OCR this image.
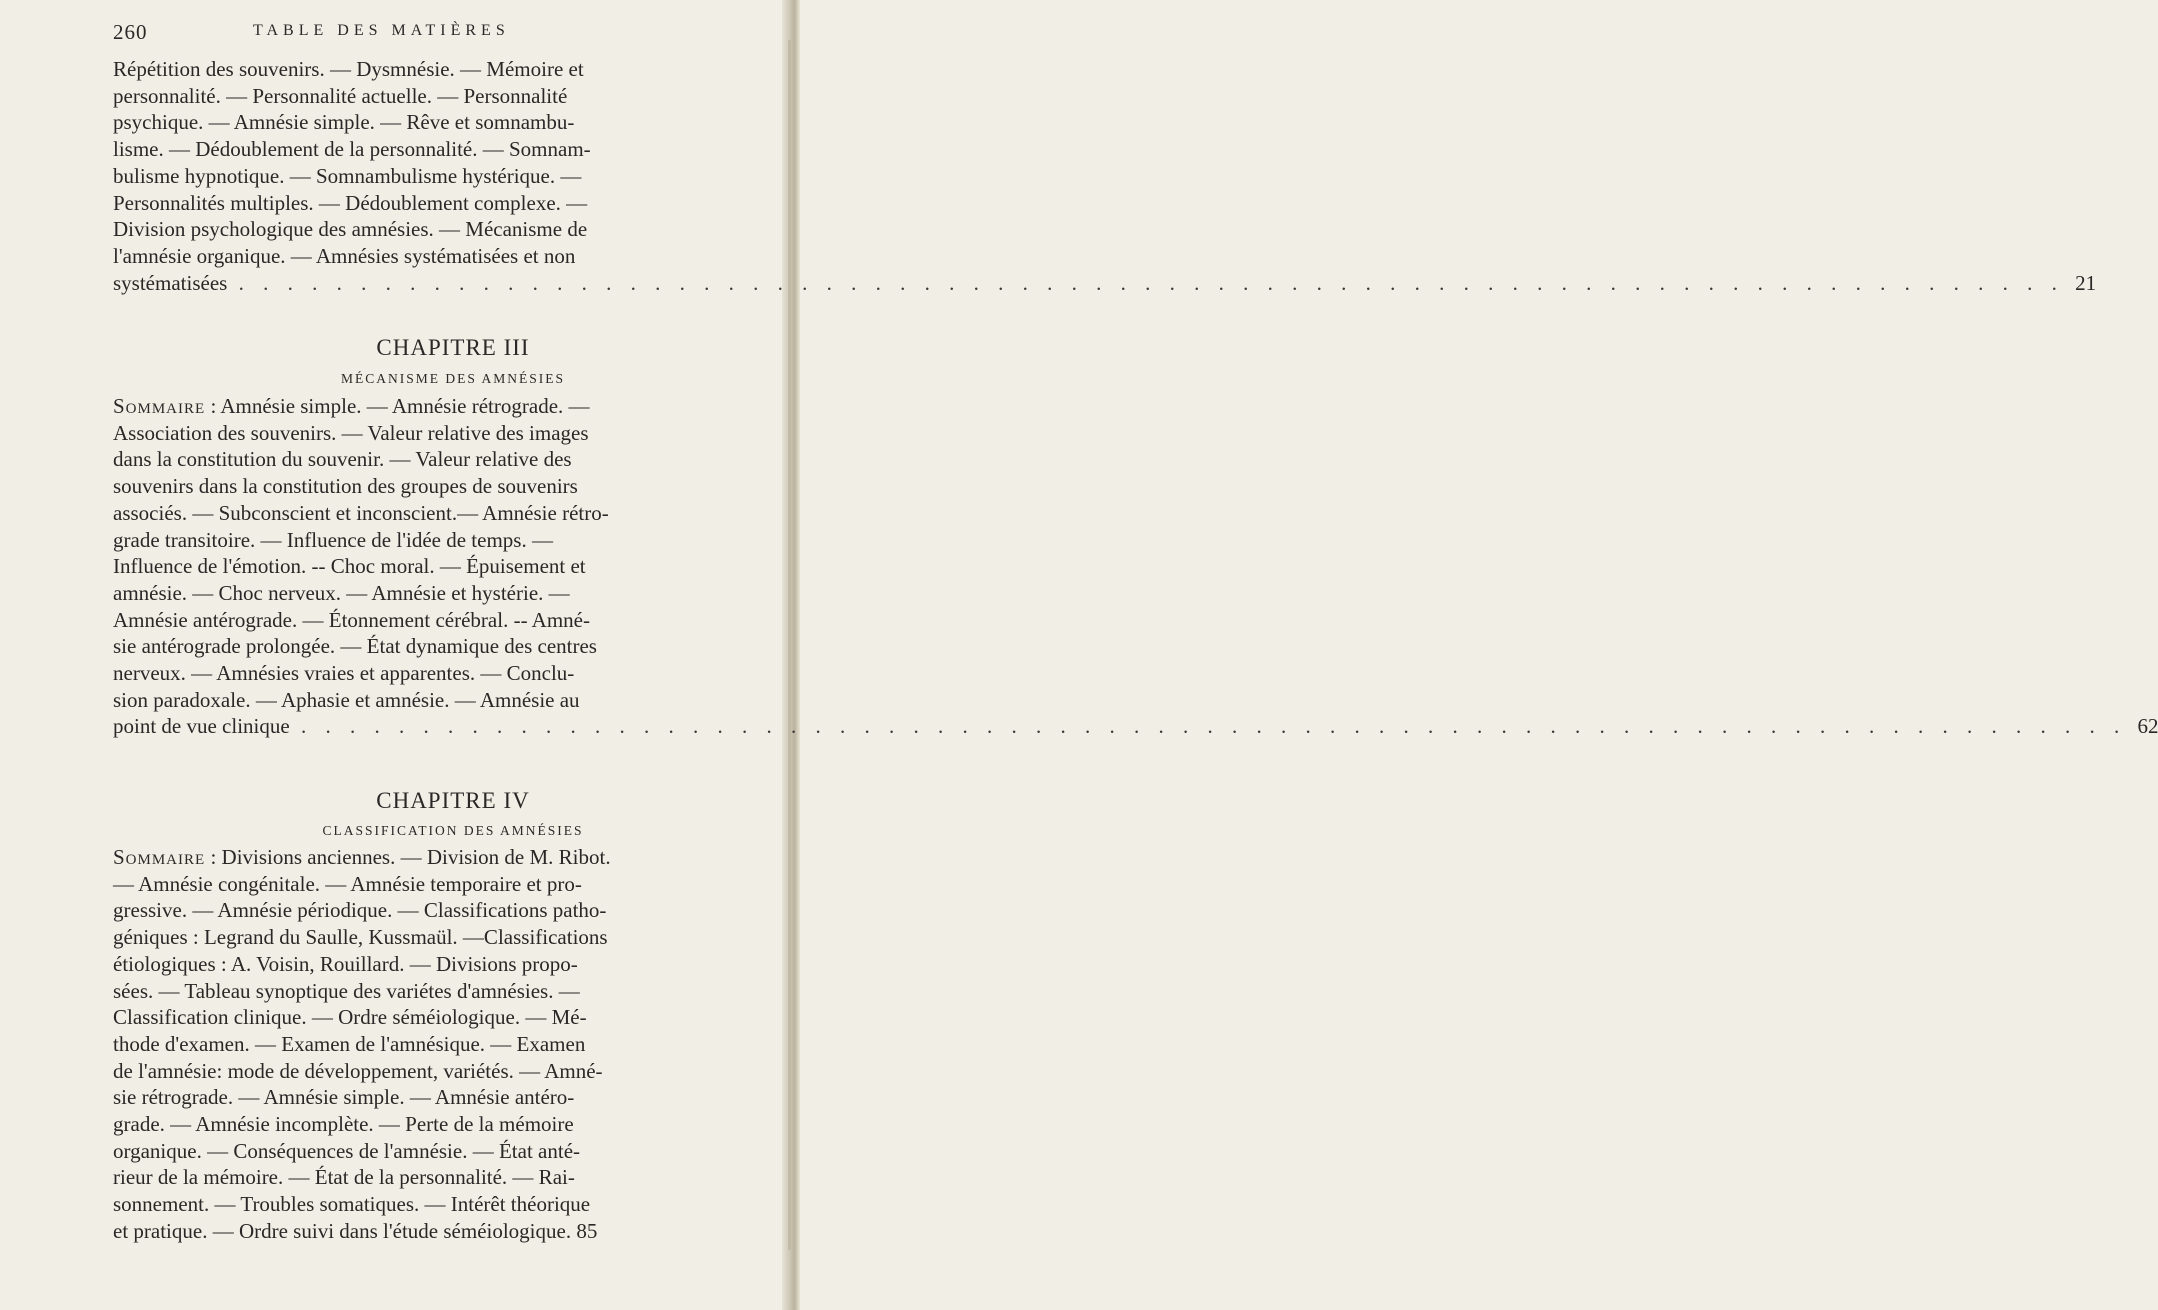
260	TABLE DES MATIÈRES
Répétition des souvenirs. — Dysmnésie. — Mémoire et
personnalité. — Personnalité actuelle. — Personnalité
psychique. — Amnésie simple. — Rêve et somnambu-
lisme. — Dédoublement de la personnalité. — Somnam-
bulisme hypnotique. — Somnambulisme hystérique. —
Personnalités multiples. — Dédoublement complexe. —
Division psychologique des amnésies. — Mécanisme de
l'amnésie organique. — Amnésies systématisées et non
systématisées . . .	21
CHAPITRE III
MÉCANISME DES AMNÉSIES
Sommaire : Amnésie simple. — Amnésie rétrograde. —
Association des souvenirs. — Valeur relative des images
dans la constitution du souvenir. — Valeur relative des
souvenirs dans la constitution des groupes de souvenirs
associés. — Subconscient et inconscient.— Amnésie rétro-
grade transitoire. — Influence de l'idée de temps. —
Influence de l'émotion. -- Choc moral. — Épuisement et
amnésie. — Choc nerveux. — Amnésie et hystérie. —
Amnésie antérograde. — Étonnement cérébral. -- Amné-
sie antérograde prolongée. — État dynamique des centres
nerveux. — Amnésies vraies et apparentes. — Conclu-
sion paradoxale. — Aphasie et amnésie. — Amnésie au
point de vue clinique . . .	62
CHAPITRE IV
CLASSIFICATION DES AMNÉSIES
Sommaire : Divisions anciennes. — Division de M. Ribot.
— Amnésie congénitale. — Amnésie temporaire et pro-
gressive. — Amnésie périodique. — Classifications patho-
géniques : Legrand du Saulle, Kussmaül. —Classifications
étiologiques : A. Voisin, Rouillard. — Divisions propo-
sées. — Tableau synoptique des variétes d'amnésies. —
Classification clinique. — Ordre séméiologique. — Mé-
thode d'examen. — Examen de l'amnésique. — Examen
de l'amnésie: mode de développement, variétés. — Amné-
sie rétrograde. — Amnésie simple. — Amnésie antéro-
grade. — Amnésie incomplète. — Perte de la mémoire
organique. — Conséquences de l'amnésie. — État anté-
rieur de la mémoire. — État de la personnalité. — Rai-
sonnement. — Troubles somatiques. — Intérêt théorique
et pratique. — Ordre suivi dans l'étude séméiologique. 85
